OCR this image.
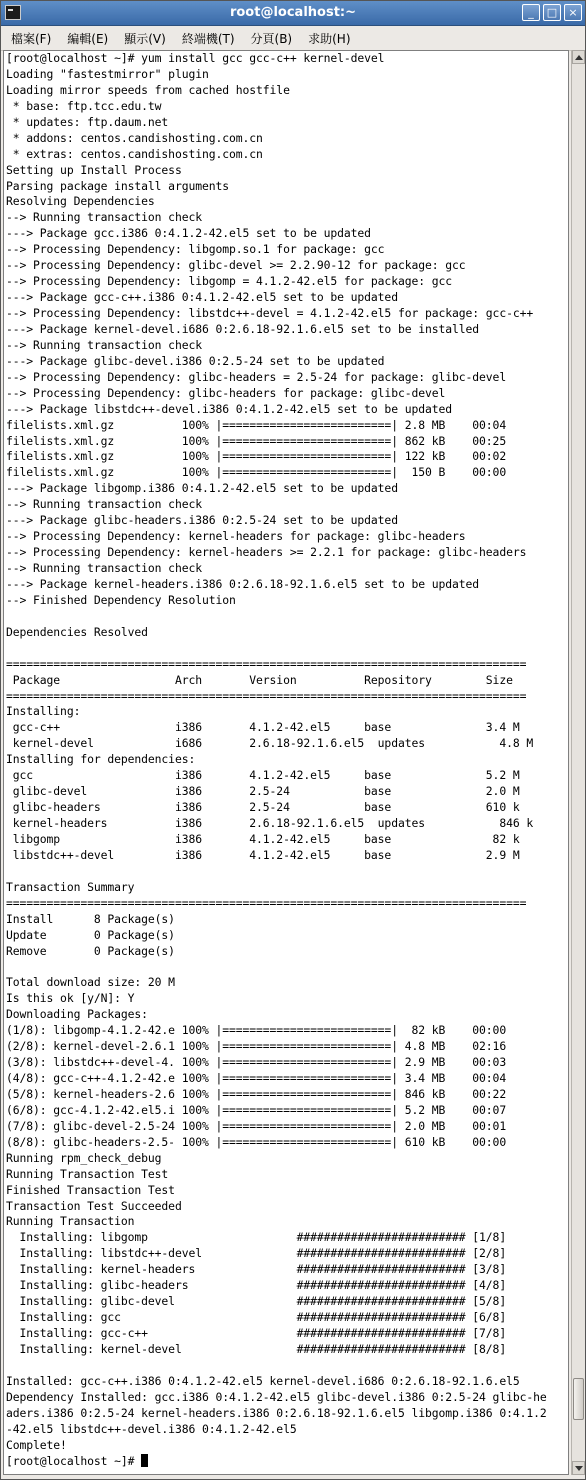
root@localhost:~	_	□	×
檔案(F) 編輯(E) 顯示(V) 終端機(T) 分頁(B) 求助(H)
[root@localhost ~]# yum install gcc gcc-c++ kernel-devel
Loading "fastestmirror" plugin
Loading mirror speeds from cached hostfile
* base: ftp.tcc.edu.tw
* updates: ftp.daum.net
* addons: centos.candishosting.com.cn
* extras: centos.candishosting.com.cn
Setting up Install Process
Parsing package install arguments
Resolving Dependencies
--> Running transaction check
---> Package gcc.i386 0:4.1.2-42.el5 set to be updated
--> Processing Dependency: libgomp.so.1 for package: gcc
--> Processing Dependency: glibc-devel >= 2.2.90-12 for package: gcc
--> Processing Dependency: libgomp = 4.1.2-42.el5 for package: gcc
---> Package gcc-c++.i386 0:4.1.2-42.el5 set to be updated
--> Processing Dependency: libstdc++-devel = 4.1.2-42.el5 for package: gcc-c++
---> Package kernel-devel.i686 0:2.6.18-92.1.6.el5 set to be installed
--> Running transaction check
---> Package glibc-devel.i386 0:2.5-24 set to be updated
--> Processing Dependency: glibc-headers = 2.5-24 for package: glibc-devel
--> Processing Dependency: glibc-headers for package: glibc-devel
---> Package libstdc++-devel.i386 0:4.1.2-42.el5 set to be updated
filelists.xml.gz          100% |=========================| 2.8 MB    00:04
filelists.xml.gz          100% |=========================| 862 kB    00:25
filelists.xml.gz          100% |=========================| 122 kB    00:02
filelists.xml.gz          100% |=========================|  150 B    00:00
---> Package libgomp.i386 0:4.1.2-42.el5 set to be updated
--> Running transaction check
---> Package glibc-headers.i386 0:2.5-24 set to be updated
--> Processing Dependency: kernel-headers for package: glibc-headers
--> Processing Dependency: kernel-headers >= 2.2.1 for package: glibc-headers
--> Running transaction check
---> Package kernel-headers.i386 0:2.6.18-92.1.6.el5 set to be updated
--> Finished Dependency Resolution
Dependencies Resolved
=============================================================================
Package                 Arch       Version          Repository        Size
=============================================================================
Installing:
gcc-c++                 i386       4.1.2-42.el5     base              3.4 M
kernel-devel            i686       2.6.18-92.1.6.el5  updates           4.8 M
Installing for dependencies:
gcc                     i386       4.1.2-42.el5     base              5.2 M
glibc-devel             i386       2.5-24           base              2.0 M
glibc-headers           i386       2.5-24           base              610 k
kernel-headers          i386       2.6.18-92.1.6.el5  updates           846 k
libgomp                 i386       4.1.2-42.el5     base               82 k
libstdc++-devel         i386       4.1.2-42.el5     base              2.9 M
Transaction Summary
=============================================================================
Install      8 Package(s)
Update       0 Package(s)
Remove       0 Package(s)
Total download size: 20 M
Is this ok [y/N]: Y
Downloading Packages:
(1/8): libgomp-4.1.2-42.e 100% |=========================|  82 kB    00:00
(2/8): kernel-devel-2.6.1 100% |=========================| 4.8 MB    02:16
(3/8): libstdc++-devel-4. 100% |=========================| 2.9 MB    00:03
(4/8): gcc-c++-4.1.2-42.e 100% |=========================| 3.4 MB    00:04
(5/8): kernel-headers-2.6 100% |=========================| 846 kB    00:22
(6/8): gcc-4.1.2-42.el5.i 100% |=========================| 5.2 MB    00:07
(7/8): glibc-devel-2.5-24 100% |=========================| 2.0 MB    00:01
(8/8): glibc-headers-2.5- 100% |=========================| 610 kB    00:00
Running rpm_check_debug
Running Transaction Test
Finished Transaction Test
Transaction Test Succeeded
Running Transaction
Installing: libgomp                      ######################### [1/8]
Installing: libstdc++-devel              ######################### [2/8]
Installing: kernel-headers               ######################### [3/8]
Installing: glibc-headers                ######################### [4/8]
Installing: glibc-devel                  ######################### [5/8]
Installing: gcc                          ######################### [6/8]
Installing: gcc-c++                      ######################### [7/8]
Installing: kernel-devel                 ######################### [8/8]
Installed: gcc-c++.i386 0:4.1.2-42.el5 kernel-devel.i686 0:2.6.18-92.1.6.el5
Dependency Installed: gcc.i386 0:4.1.2-42.el5 glibc-devel.i386 0:2.5-24 glibc-he
aders.i386 0:2.5-24 kernel-headers.i386 0:2.6.18-92.1.6.el5 libgomp.i386 0:4.1.2
-42.el5 libstdc++-devel.i386 0:4.1.2-42.el5
Complete!
[root@localhost ~]#
